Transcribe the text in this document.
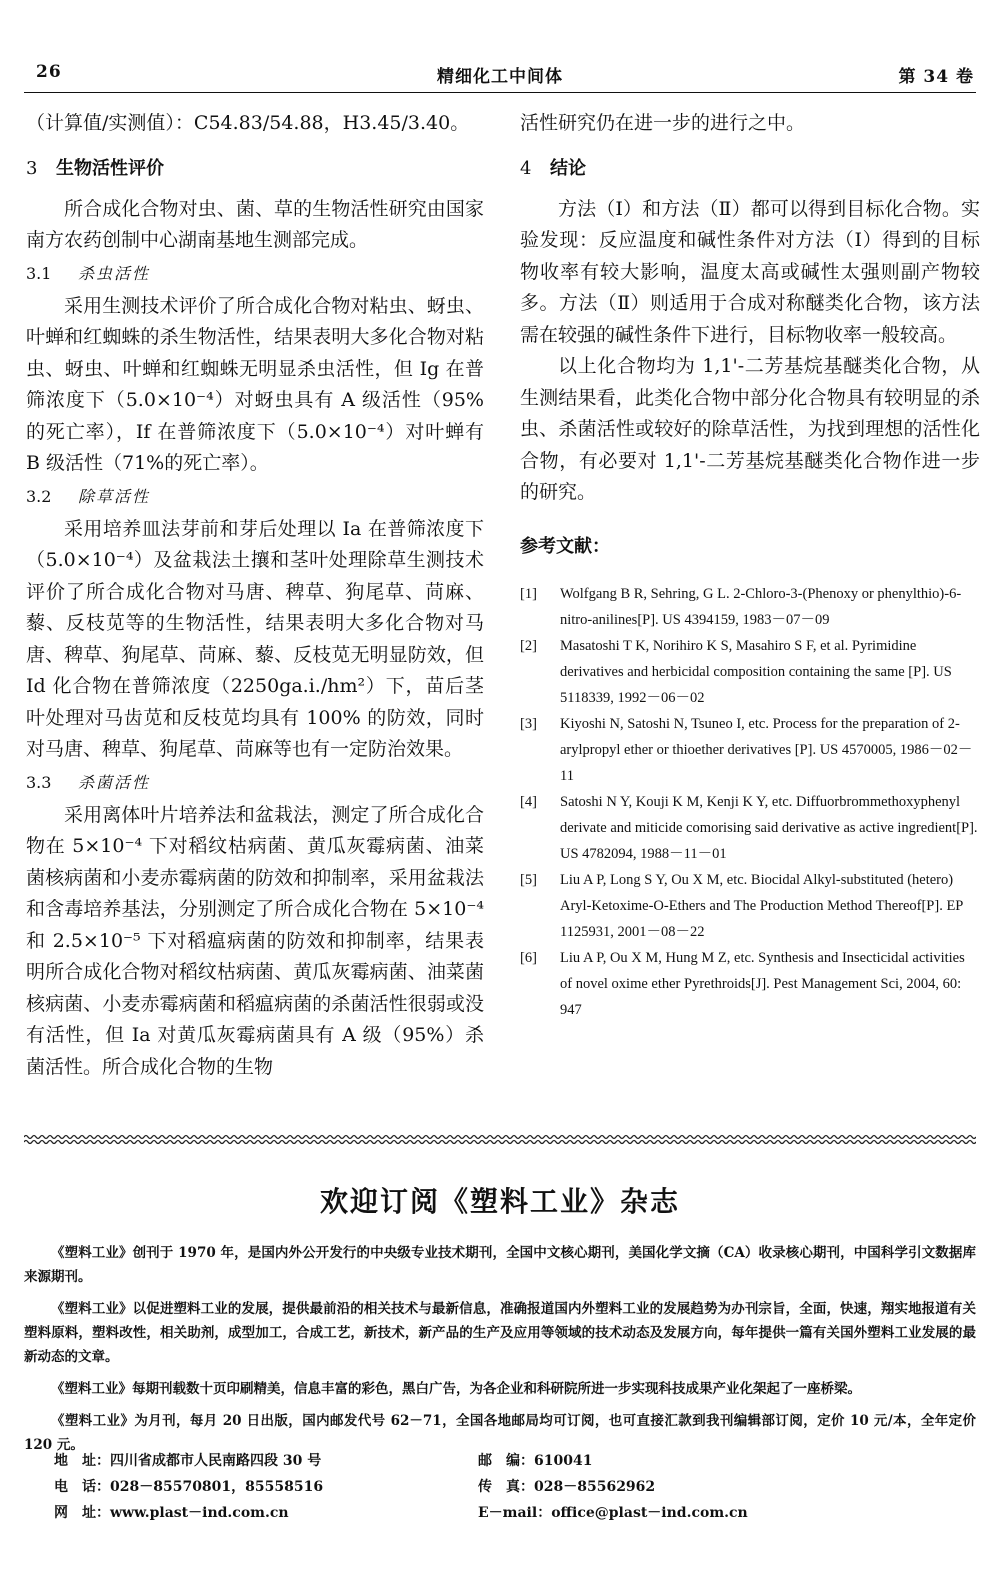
26	精细化工中间体	第 34 卷

（计算值/实测值）：C54.83/54.88，H3.45/3.40。

3 生物活性评价

所合成化合物对虫、菌、草的生物活性研究由国家南方农药创制中心湖南基地生测部完成。

3.1 杀虫活性

采用生测技术评价了所合成化合物对粘虫、蚜虫、叶蝉和红蜘蛛的杀生物活性，结果表明大多化合物对粘虫、蚜虫、叶蝉和红蜘蛛无明显杀虫活性，但 Ig 在普筛浓度下（5.0×10⁻⁴）对蚜虫具有 A 级活性（95%的死亡率），If 在普筛浓度下（5.0×10⁻⁴）对叶蝉有 B 级活性（71%的死亡率）。

3.2 除草活性

采用培养皿法芽前和芽后处理以 Ia 在普筛浓度下（5.0×10⁻⁴）及盆栽法土攘和茎叶处理除草生测技术评价了所合成化合物对马唐、稗草、狗尾草、苘麻、藜、反枝苋等的生物活性，结果表明大多化合物对马唐、稗草、狗尾草、苘麻、藜、反枝苋无明显防效，但 Id 化合物在普筛浓度（2250ga.i./hm²）下，苗后茎叶处理对马齿苋和反枝苋均具有 100% 的防效，同时对马唐、稗草、狗尾草、苘麻等也有一定防治效果。

3.3 杀菌活性

采用离体叶片培养法和盆栽法，测定了所合成化合物在 5×10⁻⁴ 下对稻纹枯病菌、黄瓜灰霉病菌、油菜菌核病菌和小麦赤霉病菌的防效和抑制率，采用盆栽法和含毒培养基法，分别测定了所合成化合物在 5×10⁻⁴ 和 2.5×10⁻⁵ 下对稻瘟病菌的防效和抑制率，结果表明所合成化合物对稻纹枯病菌、黄瓜灰霉病菌、油菜菌核病菌、小麦赤霉病菌和稻瘟病菌的杀菌活性很弱或没有活性，但 Ia 对黄瓜灰霉病菌具有 A 级（95%）杀菌活性。所合成化合物的生物

活性研究仍在进一步的进行之中。

4 结论

方法（Ⅰ）和方法（Ⅱ）都可以得到目标化合物。实验发现：反应温度和碱性条件对方法（Ⅰ）得到的目标物收率有较大影响，温度太高或碱性太强则副产物较多。方法（Ⅱ）则适用于合成对称醚类化合物，该方法需在较强的碱性条件下进行，目标物收率一般较高。

以上化合物均为 1,1'-二芳基烷基醚类化合物，从生测结果看，此类化合物中部分化合物具有较明显的杀虫、杀菌活性或较好的除草活性，为找到理想的活性化合物，有必要对 1,1'-二芳基烷基醚类化合物作进一步的研究。

参考文献：
[1]	Wolfgang B R, Sehring, G L. 2-Chloro-3-(Phenoxy or phenylthio)-6-nitro-anilines[P]. US 4394159, 1983－07－09
[2]	Masatoshi T K, Norihiro K S, Masahiro S F, et al. Pyrimidine derivatives and herbicidal composition containing the same [P]. US 5118339, 1992－06－02
[3]	Kiyoshi N, Satoshi N, Tsuneo I, etc. Process for the preparation of 2-arylpropyl ether or thioether derivatives [P]. US 4570005, 1986－02－11
[4]	Satoshi N Y, Kouji K M, Kenji K Y, etc. Diffuorbrommethoxyphenyl derivate and miticide comorising said derivative as active ingredient[P]. US 4782094, 1988－11－01
[5]	Liu A P, Long S Y, Ou X M, etc. Biocidal Alkyl-substituted (hetero) Aryl-Ketoxime-O-Ethers and The Production Method Thereof[P]. EP 1125931, 2001－08－22
[6]	Liu A P, Ou X M, Hung M Z, etc. Synthesis and Insecticidal activities of novel oxime ether Pyrethroids[J]. Pest Management Sci, 2004, 60: 947
欢迎订阅《塑料工业》杂志

《塑料工业》创刊于 1970 年，是国内外公开发行的中央级专业技术期刊，全国中文核心期刊，美国化学文摘（CA）收录核心期刊，中国科学引文数据库来源期刊。

《塑料工业》以促进塑料工业的发展，提供最前沿的相关技术与最新信息，准确报道国内外塑料工业的发展趋势为办刊宗旨，全面，快速，翔实地报道有关塑料原料，塑料改性，相关助剂，成型加工，合成工艺，新技术，新产品的生产及应用等领域的技术动态及发展方向，每年提供一篇有关国外塑料工业发展的最新动态的文章。

《塑料工业》每期刊载数十页印刷精美，信息丰富的彩色，黑白广告，为各企业和科研院所进一步实现科技成果产业化架起了一座桥梁。

《塑料工业》为月刊，每月 20 日出版，国内邮发代号 62－71，全国各地邮局均可订阅，也可直接汇款到我刊编辑部订阅，定价 10 元/本，全年定价 120 元。

地　址：四川省成都市人民南路四段 30 号	邮　编：610041
电　话：028－85570801，85558516	传　真：028－85562962
网　址：www.plast－ind.com.cn	E－mail：office@plast－ind.com.cn
